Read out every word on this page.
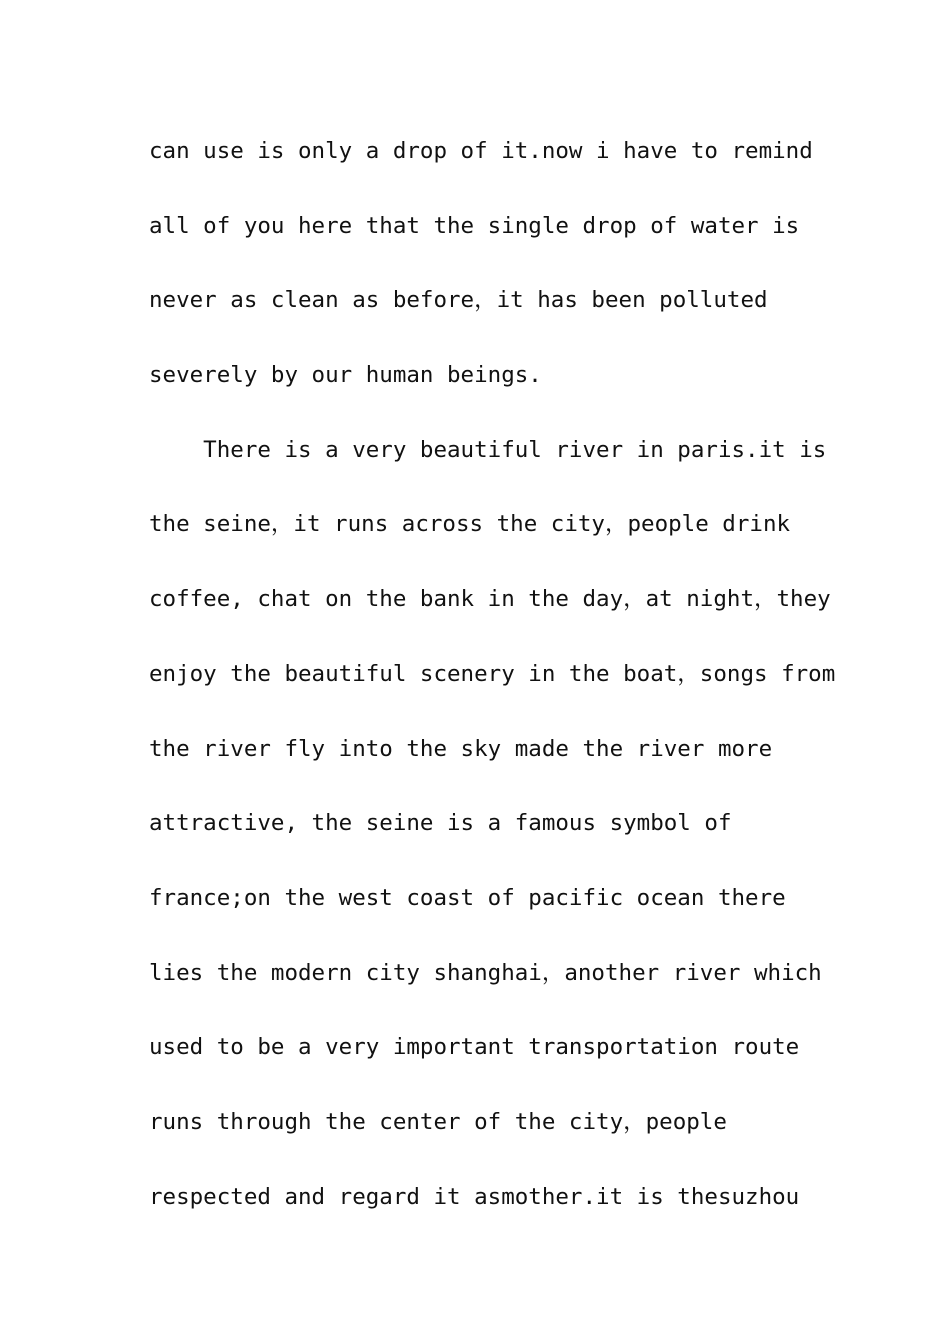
can use is only a drop of it.now i have to remind
all of you here that the single drop of water is
never as clean as before，it has been polluted
severely by our human beings.
There is a very beautiful river in paris.it is
the seine，it runs across the city，people drink
coffee, chat on the bank in the day，at night，they
enjoy the beautiful scenery in the boat，songs from
the river fly into the sky made the river more
attractive, the seine is a famous symbol of
france;on the west coast of pacific ocean there
lies the modern city shanghai，another river which
used to be a very important transportation route
runs through the center of the city，people
respected and regard it asmother.it is thesuzhou
